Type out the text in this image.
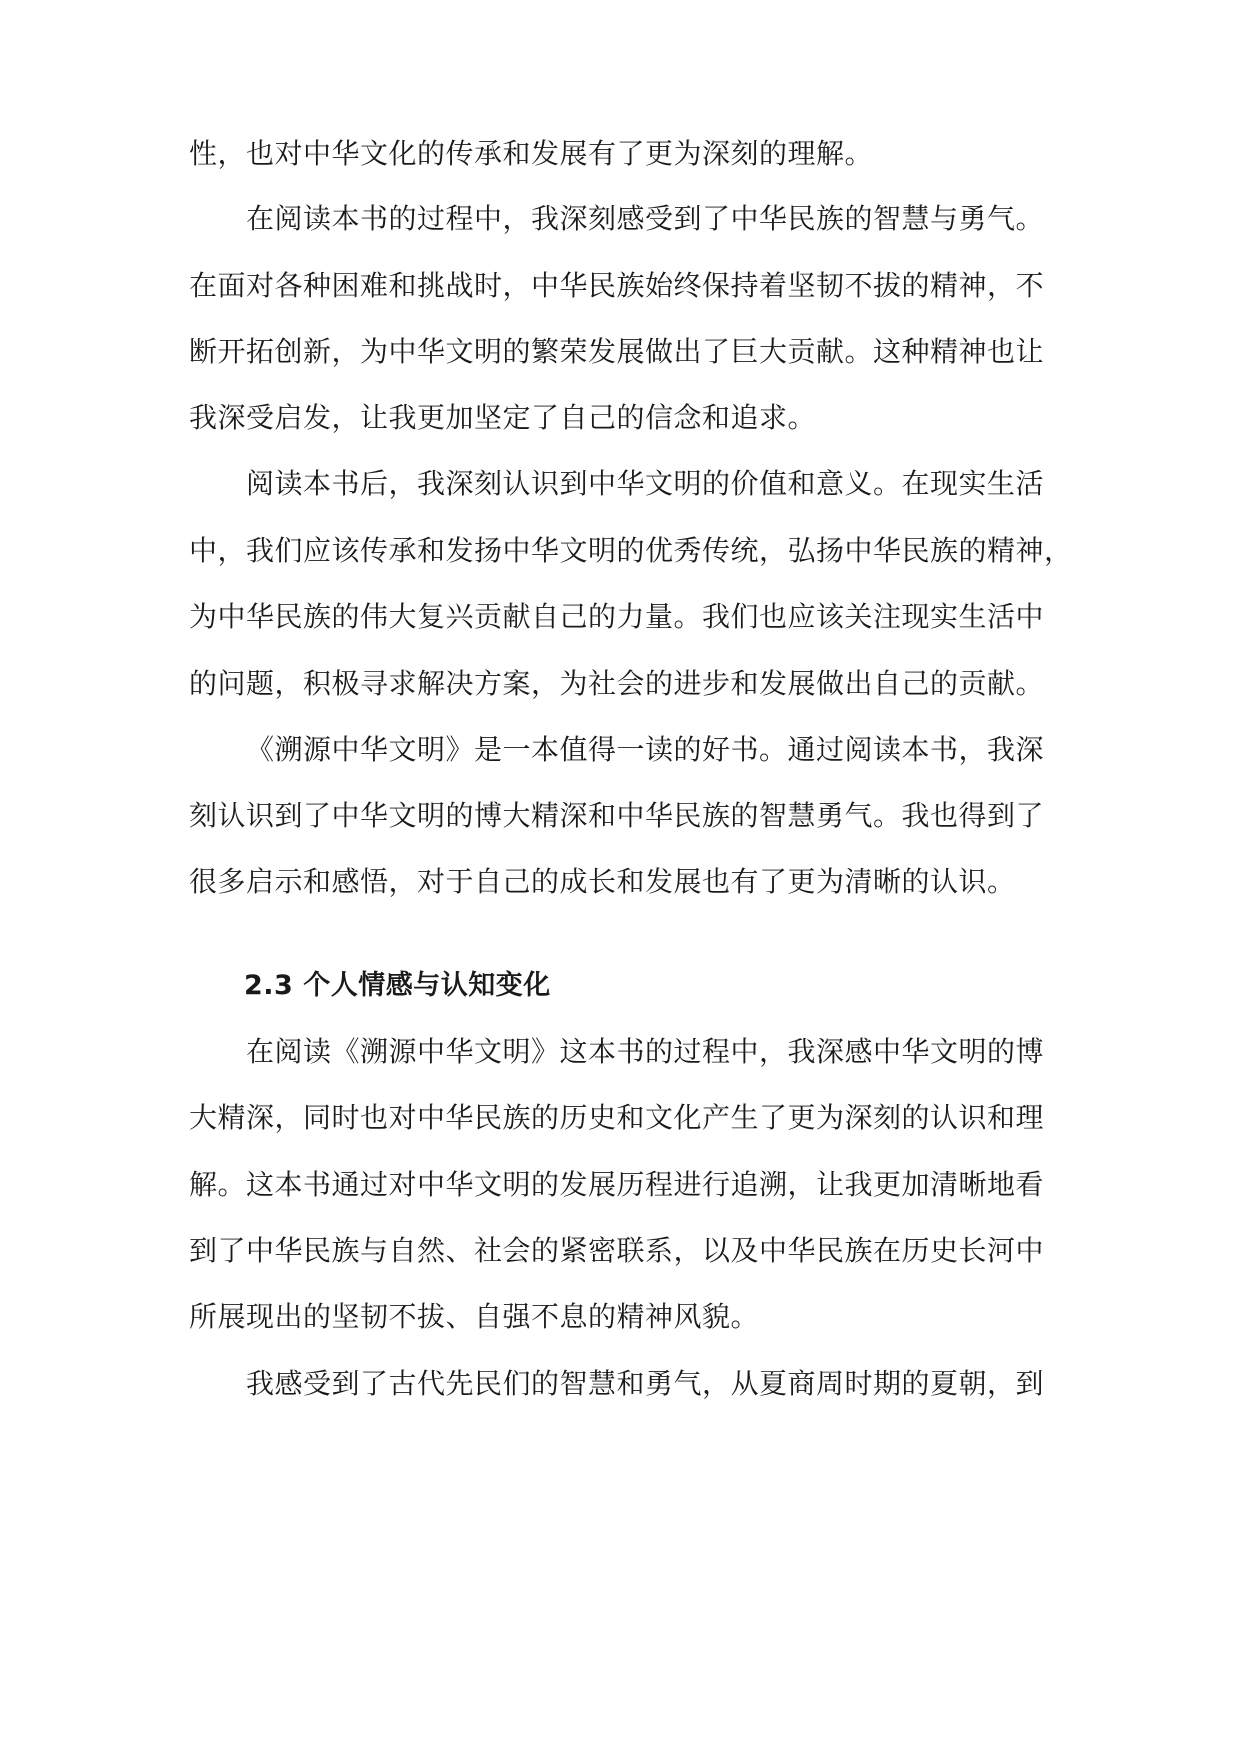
性，也对中华文化的传承和发展有了更为深刻的理解。
在阅读本书的过程中，我深刻感受到了中华民族的智慧与勇气。
在面对各种困难和挑战时，中华民族始终保持着坚韧不拔的精神，不
断开拓创新，为中华文明的繁荣发展做出了巨大贡献。这种精神也让
我深受启发，让我更加坚定了自己的信念和追求。
阅读本书后，我深刻认识到中华文明的价值和意义。在现实生活
中，我们应该传承和发扬中华文明的优秀传统，弘扬中华民族的精神，
为中华民族的伟大复兴贡献自己的力量。我们也应该关注现实生活中
的问题，积极寻求解决方案，为社会的进步和发展做出自己的贡献。
《溯源中华文明》是一本值得一读的好书。通过阅读本书，我深
刻认识到了中华文明的博大精深和中华民族的智慧勇气。我也得到了
很多启示和感悟，对于自己的成长和发展也有了更为清晰的认识。
2.3 个人情感与认知变化
在阅读《溯源中华文明》这本书的过程中，我深感中华文明的博
大精深，同时也对中华民族的历史和文化产生了更为深刻的认识和理
解。这本书通过对中华文明的发展历程进行追溯，让我更加清晰地看
到了中华民族与自然、社会的紧密联系，以及中华民族在历史长河中
所展现出的坚韧不拔、自强不息的精神风貌。
我感受到了古代先民们的智慧和勇气，从夏商周时期的夏朝，到
